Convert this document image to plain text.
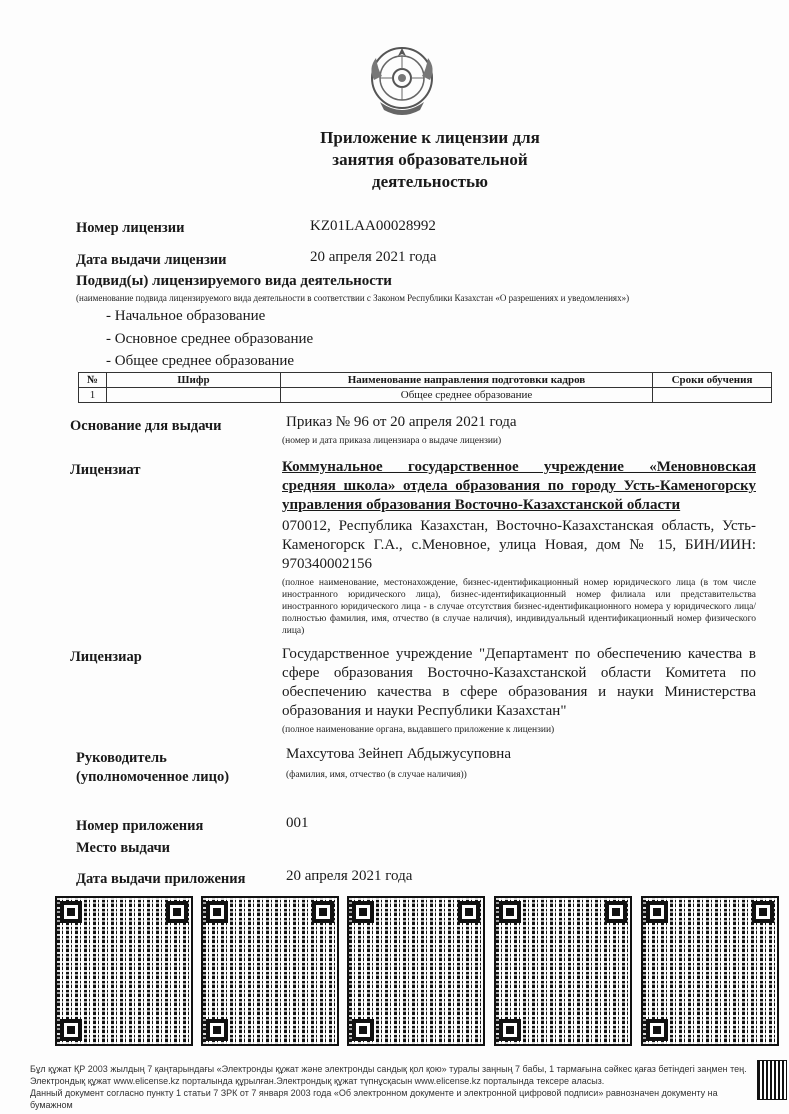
Приложение к лицензии для
занятия образовательной
деятельностью
Номер лицензии	KZ01LAA00028992
Дата выдачи лицензии	20 апреля 2021 года
Подвид(ы) лицензируемого вида деятельности
(наименование подвида лицензируемого вида деятельности в соответствии с Законом Республики Казахстан «О разрешениях и уведомлениях»)
- Начальное образование
- Основное среднее образование
- Общее среднее образование
№	Шифр	Наименование направления подготовки кадров	Сроки обучения
1		Общее среднее образование	
Основание для выдачи	Приказ № 96 от 20 апреля 2021 года
(номер и дата приказа лицензиара о выдаче лицензии)
Лицензиат	Коммунальное государственное учреждение «Меновновская
средняя школа» отдела образования по городу Усть-Каменогорску
управления образования Восточно-Казахстанской области
070012, Республика Казахстан, Восточно-Казахстанская область, Усть-Каменогорск Г.А., с.Меновное, улица Новая, дом № 15, БИН/ИИН: 970340002156
(полное наименование, местонахождение, бизнес-идентификационный номер юридического лица (в том числе иностранного юридического лица), бизнес-идентификационный номер филиала или представительства иностранного юридического лица - в случае отсутствия бизнес-идентификационного номера у юридического лица/полностью фамилия, имя, отчество (в случае наличия), индивидуальный идентификационный номер физического лица)
Лицензиар	Государственное учреждение "Департамент по обеспечению качества в сфере образования Восточно-Казахстанской области Комитета по обеспечению качества в сфере образования и науки Министерства образования и науки Республики Казахстан"
(полное наименование органа, выдавшего приложение к лицензии)
Руководитель
(уполномоченное лицо)
Махсутова Зейнеп Абдыжусуповна
(фамилия, имя, отчество (в случае наличия))
Номер приложения	001
Место выдачи
Дата выдачи приложения	20 апреля 2021 года
Бұл құжат ҚР 2003 жылдың 7 қаңтарындағы «Электронды құжат және электронды сандық қол қою» туралы заңның 7 бабы, 1 тармағына сәйкес қағаз бетіндегі заңмен тең.
Электрондық құжат www.elicense.kz порталында құрылған.Электрондық құжат түпнұсқасын www.elicense.kz порталында тексере аласыз.
Данный документ согласно пункту 1 статьи 7 ЗРК от 7 января 2003 года «Об электронном документе и электронной цифровой подписи» равнозначен документу на бумажном
